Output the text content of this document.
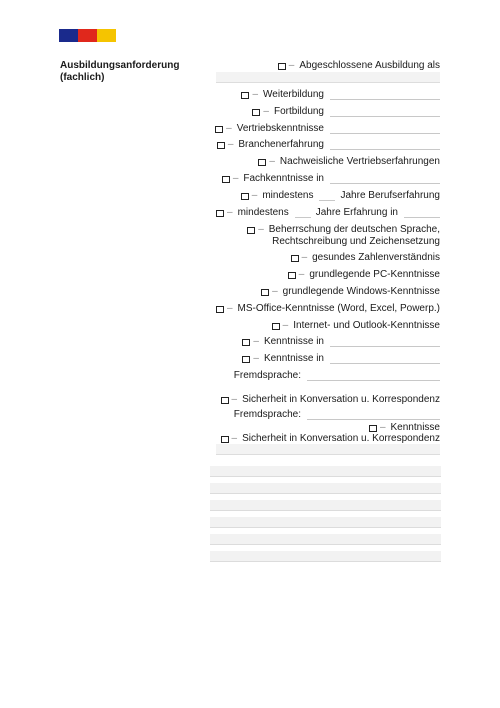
Ausbildungsanforderung (fachlich)
– Abgeschlossene Ausbildung als
– Weiterbildung
– Fortbildung
– Vertriebskenntnisse
– Branchenerfahrung
– Nachweisliche Vertriebserfahrungen
– Fachkenntnisse in
– mindestens	Jahre Berufserfahrung
– mindestens	Jahre Erfahrung in
– Beherrschung der deutschen Sprache,
Rechtschreibung und Zeichensetzung
– gesundes Zahlenverständnis
– grundlegende PC-Kenntnisse
– grundlegende Windows-Kenntnisse
– MS-Office-Kenntnisse (Word, Excel, Powerp.)
– Internet- und Outlook-Kenntnisse
– Kenntnisse in
– Kenntnisse in
Fremdsprache:
– Sicherheit in Konversation u. Korrespondenz
Fremdsprache:
– Kenntnisse
– Sicherheit in Konversation u. Korrespondenz
